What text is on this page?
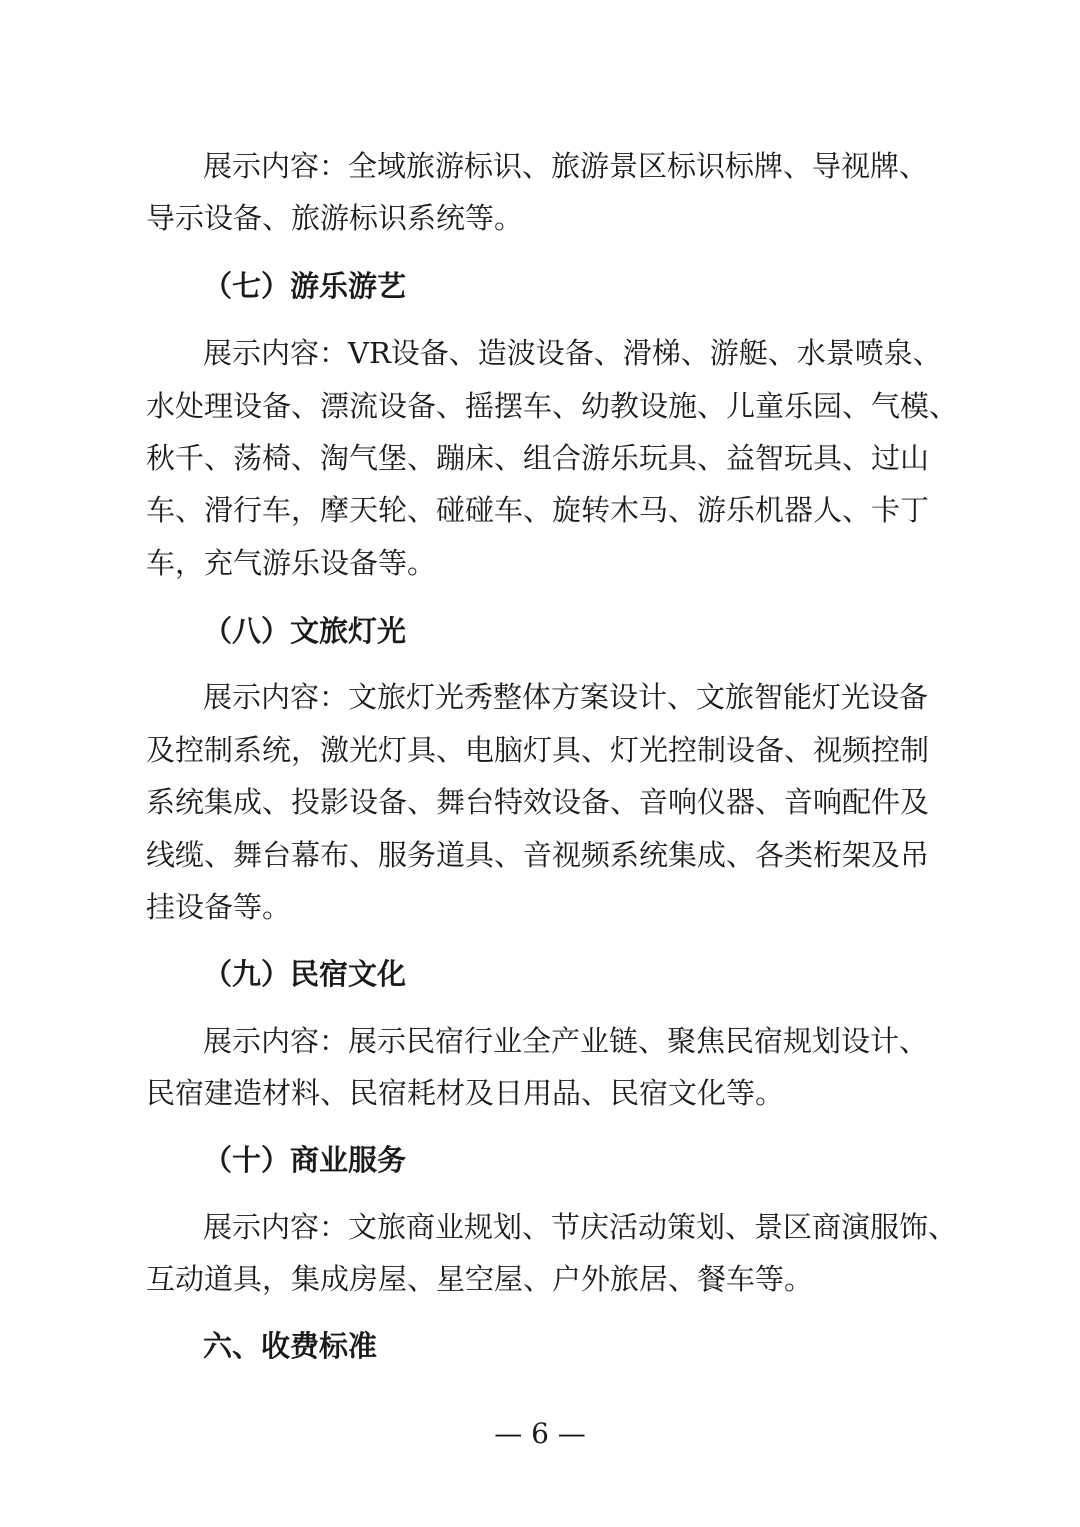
展示内容：全域旅游标识、旅游景区标识标牌、导视牌、
导示设备、旅游标识系统等。
（七）游乐游艺
展示内容：VR设备、造波设备、滑梯、游艇、水景喷泉、
水处理设备、漂流设备、摇摆车、幼教设施、儿童乐园、气模、
秋千、荡椅、淘气堡、蹦床、组合游乐玩具、益智玩具、过山
车、滑行车，摩天轮、碰碰车、旋转木马、游乐机器人、卡丁
车，充气游乐设备等。
（八）文旅灯光
展示内容：文旅灯光秀整体方案设计、文旅智能灯光设备
及控制系统，激光灯具、电脑灯具、灯光控制设备、视频控制
系统集成、投影设备、舞台特效设备、音响仪器、音响配件及
线缆、舞台幕布、服务道具、音视频系统集成、各类桁架及吊
挂设备等。
（九）民宿文化
展示内容：展示民宿行业全产业链、聚焦民宿规划设计、
民宿建造材料、民宿耗材及日用品、民宿文化等。
（十）商业服务
展示内容：文旅商业规划、节庆活动策划、景区商演服饰、
互动道具，集成房屋、星空屋、户外旅居、餐车等。
六、收费标准
— 6 —
